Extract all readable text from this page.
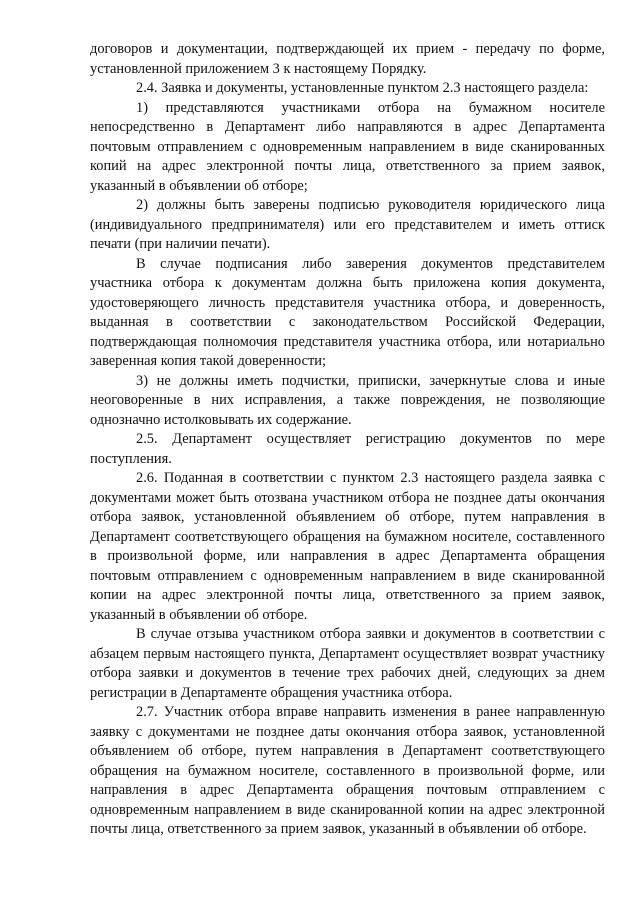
договоров и документации, подтверждающей их прием - передачу по форме, установленной приложением 3 к настоящему Порядку.

2.4. Заявка и документы, установленные пунктом 2.3 настоящего раздела:

1) представляются участниками отбора на бумажном носителе непосредственно в Департамент либо направляются в адрес Департамента почтовым отправлением с одновременным направлением в виде сканированных копий на адрес электронной почты лица, ответственного за прием заявок, указанный в объявлении об отборе;

2) должны быть заверены подписью руководителя юридического лица (индивидуального предпринимателя) или его представителем и иметь оттиск печати (при наличии печати).

В случае подписания либо заверения документов представителем участника отбора к документам должна быть приложена копия документа, удостоверяющего личность представителя участника отбора, и доверенность, выданная в соответствии с законодательством Российской Федерации, подтверждающая полномочия представителя участника отбора, или нотариально заверенная копия такой доверенности;

3) не должны иметь подчистки, приписки, зачеркнутые слова и иные неоговоренные в них исправления, а также повреждения, не позволяющие однозначно истолковывать их содержание.

2.5. Департамент осуществляет регистрацию документов по мере поступления.

2.6. Поданная в соответствии с пунктом 2.3 настоящего раздела заявка с документами может быть отозвана участником отбора не позднее даты окончания отбора заявок, установленной объявлением об отборе, путем направления в Департамент соответствующего обращения на бумажном носителе, составленного в произвольной форме, или направления в адрес Департамента обращения почтовым отправлением с одновременным направлением в виде сканированной копии на адрес электронной почты лица, ответственного за прием заявок, указанный в объявлении об отборе.

В случае отзыва участником отбора заявки и документов в соответствии с абзацем первым настоящего пункта, Департамент осуществляет возврат участнику отбора заявки и документов в течение трех рабочих дней, следующих за днем регистрации в Департаменте обращения участника отбора.

2.7. Участник отбора вправе направить изменения в ранее направленную заявку с документами не позднее даты окончания отбора заявок, установленной объявлением об отборе, путем направления в Департамент соответствующего обращения на бумажном носителе, составленного в произвольной форме, или направления в адрес Департамента обращения почтовым отправлением с одновременным направлением в виде сканированной копии на адрес электронной почты лица, ответственного за прием заявок, указанный в объявлении об отборе.
